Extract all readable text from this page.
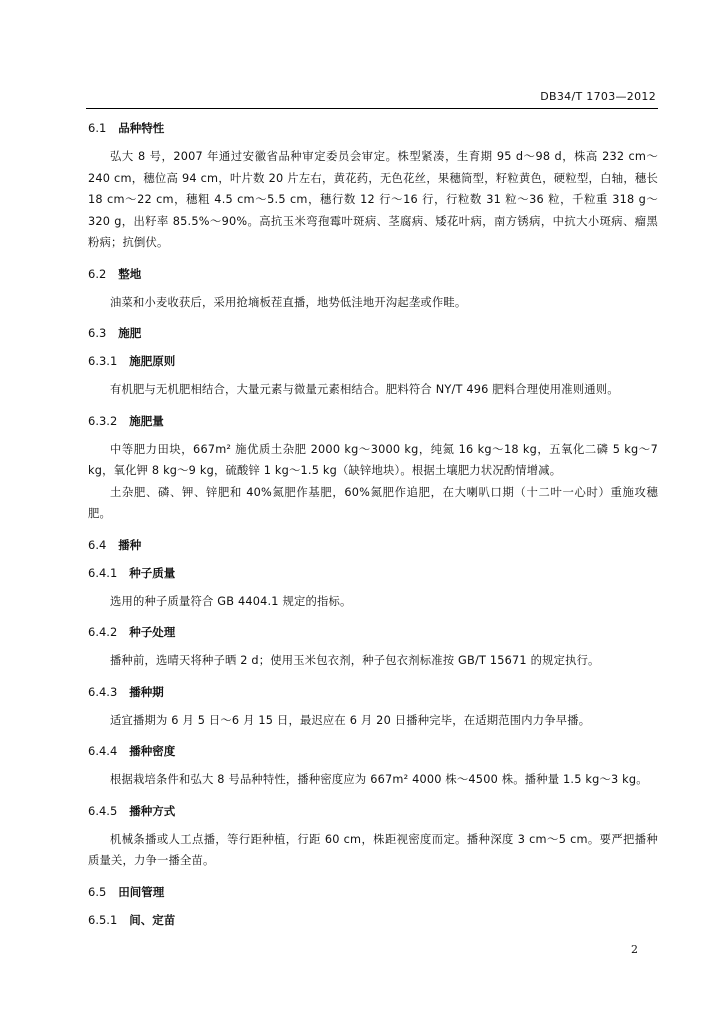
DB34/T 1703—2012
6.1 品种特性

弘大 8 号，2007 年通过安徽省品种审定委员会审定。株型紧凑，生育期 95 d～98 d，株高 232 cm～240 cm，穗位高 94 cm，叶片数 20 片左右，黄花药，无色花丝，果穗筒型，籽粒黄色，硬粒型，白轴，穗长 18 cm～22 cm，穗粗 4.5 cm～5.5 cm，穗行数 12 行～16 行，行粒数 31 粒～36 粒，千粒重 318 g～320 g，出籽率 85.5%～90%。高抗玉米弯孢霉叶斑病、茎腐病、矮花叶病，南方锈病，中抗大小斑病、瘤黑粉病；抗倒伏。

6.2 整地

油菜和小麦收获后，采用抢墒板茬直播，地势低洼地开沟起垄或作畦。

6.3 施肥
6.3.1 施肥原则

有机肥与无机肥相结合，大量元素与微量元素相结合。肥料符合 NY/T 496 肥料合理使用准则通则。

6.3.2 施肥量

中等肥力田块，667m² 施优质土杂肥 2000 kg～3000 kg，纯氮 16 kg～18 kg，五氧化二磷 5 kg～7 kg，氧化钾 8 kg～9 kg，硫酸锌 1 kg～1.5 kg（缺锌地块）。根据土壤肥力状况酌情增减。

土杂肥、磷、钾、锌肥和 40%氮肥作基肥，60%氮肥作追肥，在大喇叭口期（十二叶一心时）重施攻穗肥。

6.4 播种
6.4.1 种子质量

选用的种子质量符合 GB 4404.1 规定的指标。

6.4.2 种子处理

播种前，选晴天将种子晒 2 d；使用玉米包衣剂，种子包衣剂标准按 GB/T 15671 的规定执行。

6.4.3 播种期

适宜播期为 6 月 5 日～6 月 15 日，最迟应在 6 月 20 日播种完毕，在适期范围内力争早播。

6.4.4 播种密度

根据栽培条件和弘大 8 号品种特性，播种密度应为 667m² 4000 株～4500 株。播种量 1.5 kg～3 kg。

6.4.5 播种方式

机械条播或人工点播，等行距种植，行距 60 cm，株距视密度而定。播种深度 3 cm～5 cm。要严把播种质量关，力争一播全苗。

6.5 田间管理
6.5.1 间、定苗
2
